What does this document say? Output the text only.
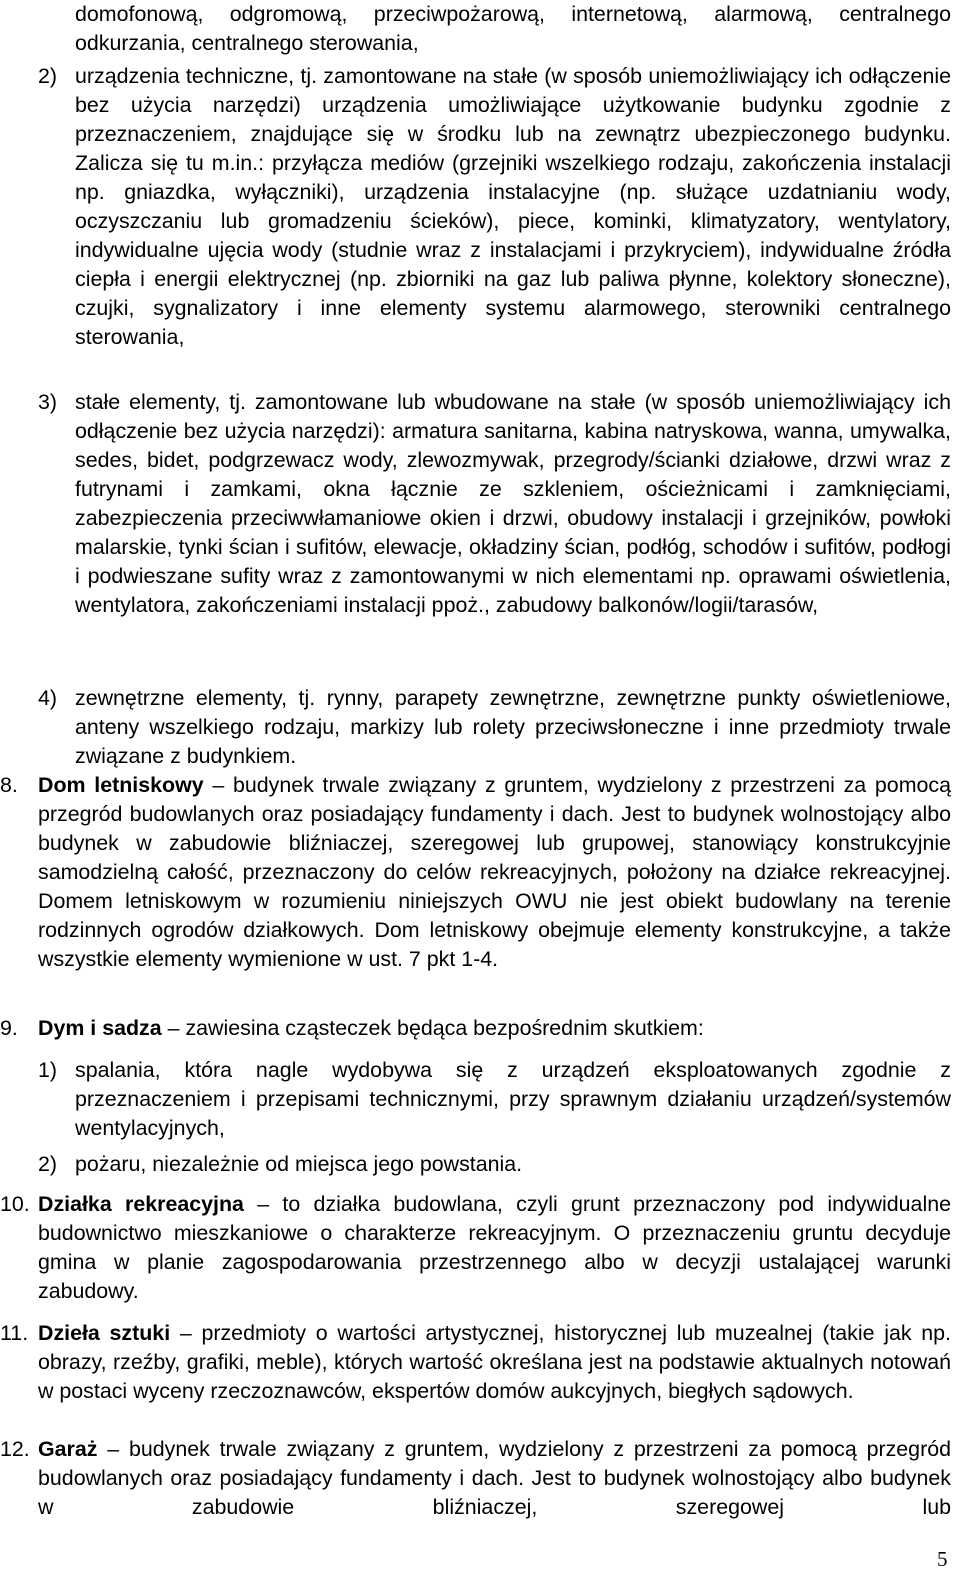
domofonową, odgromową, przeciwpożarową, internetową, alarmową, centralnego odkurzania, centralnego sterowania,

2) urządzenia techniczne, tj. zamontowane na stałe (w sposób uniemożliwiający ich odłączenie bez użycia narzędzi) urządzenia umożliwiające użytkowanie budynku zgodnie z przeznaczeniem, znajdujące się w środku lub na zewnątrz ubezpieczonego budynku. Zalicza się tu m.in.: przyłącza mediów (grzejniki wszelkiego rodzaju, zakończenia instalacji np. gniazdka, wyłączniki), urządzenia instalacyjne (np. służące uzdatnianiu wody, oczyszczaniu lub gromadzeniu ścieków), piece, kominki, klimatyzatory, wentylatory, indywidualne ujęcia wody (studnie wraz z instalacjami i przykryciem), indywidualne źródła ciepła i energii elektrycznej (np. zbiorniki na gaz lub paliwa płynne, kolektory słoneczne), czujki, sygnalizatory i inne elementy systemu alarmowego, sterowniki centralnego sterowania,

3) stałe elementy, tj. zamontowane lub wbudowane na stałe (w sposób uniemożliwiający ich odłączenie bez użycia narzędzi): armatura sanitarna, kabina natryskowa, wanna, umywalka, sedes, bidet, podgrzewacz wody, zlewozmywak, przegrody/ścianki działowe, drzwi wraz z futrynami i zamkami, okna łącznie ze szkleniem, ościeżnicami i zamknięciami, zabezpieczenia przeciwwłamaniowe okien i drzwi, obudowy instalacji i grzejników, powłoki malarskie, tynki ścian i sufitów, elewacje, okładziny ścian, podłóg, schodów i sufitów, podłogi i podwieszane sufity wraz z zamontowanymi w nich elementami np. oprawami oświetlenia, wentylatora, zakończeniami instalacji ppoż., zabudowy balkonów/logii/tarasów,

4) zewnętrzne elementy, tj. rynny, parapety zewnętrzne, zewnętrzne punkty oświetleniowe, anteny wszelkiego rodzaju, markizy lub rolety przeciwsłoneczne i inne przedmioty trwale związane z budynkiem.

8. Dom letniskowy – budynek trwale związany z gruntem, wydzielony z przestrzeni za pomocą przegród budowlanych oraz posiadający fundamenty i dach. Jest to budynek wolnostojący albo budynek w zabudowie bliźniaczej, szeregowej lub grupowej, stanowiący konstrukcyjnie samodzielną całość, przeznaczony do celów rekreacyjnych, położony na działce rekreacyjnej. Domem letniskowym w rozumieniu niniejszych OWU nie jest obiekt budowlany na terenie rodzinnych ogrodów działkowych. Dom letniskowy obejmuje elementy konstrukcyjne, a także wszystkie elementy wymienione w ust. 7 pkt 1-4.

9. Dym i sadza – zawiesina cząsteczek będąca bezpośrednim skutkiem:

1) spalania, która nagle wydobywa się z urządzeń eksploatowanych zgodnie z przeznaczeniem i przepisami technicznymi, przy sprawnym działaniu urządzeń/systemów wentylacyjnych,

2) pożaru, niezależnie od miejsca jego powstania.

10. Działka rekreacyjna – to działka budowlana, czyli grunt przeznaczony pod indywidualne budownictwo mieszkaniowe o charakterze rekreacyjnym. O przeznaczeniu gruntu decyduje gmina w planie zagospodarowania przestrzennego albo w decyzji ustalającej warunki zabudowy.

11. Dzieła sztuki – przedmioty o wartości artystycznej, historycznej lub muzealnej (takie jak np. obrazy, rzeźby, grafiki, meble), których wartość określana jest na podstawie aktualnych notowań w postaci wyceny rzeczoznawców, ekspertów domów aukcyjnych, biegłych sądowych.

12. Garaż – budynek trwale związany z gruntem, wydzielony z przestrzeni za pomocą przegród budowlanych oraz posiadający fundamenty i dach. Jest to budynek wolnostojący albo budynek w zabudowie bliźniaczej, szeregowej lub

5
